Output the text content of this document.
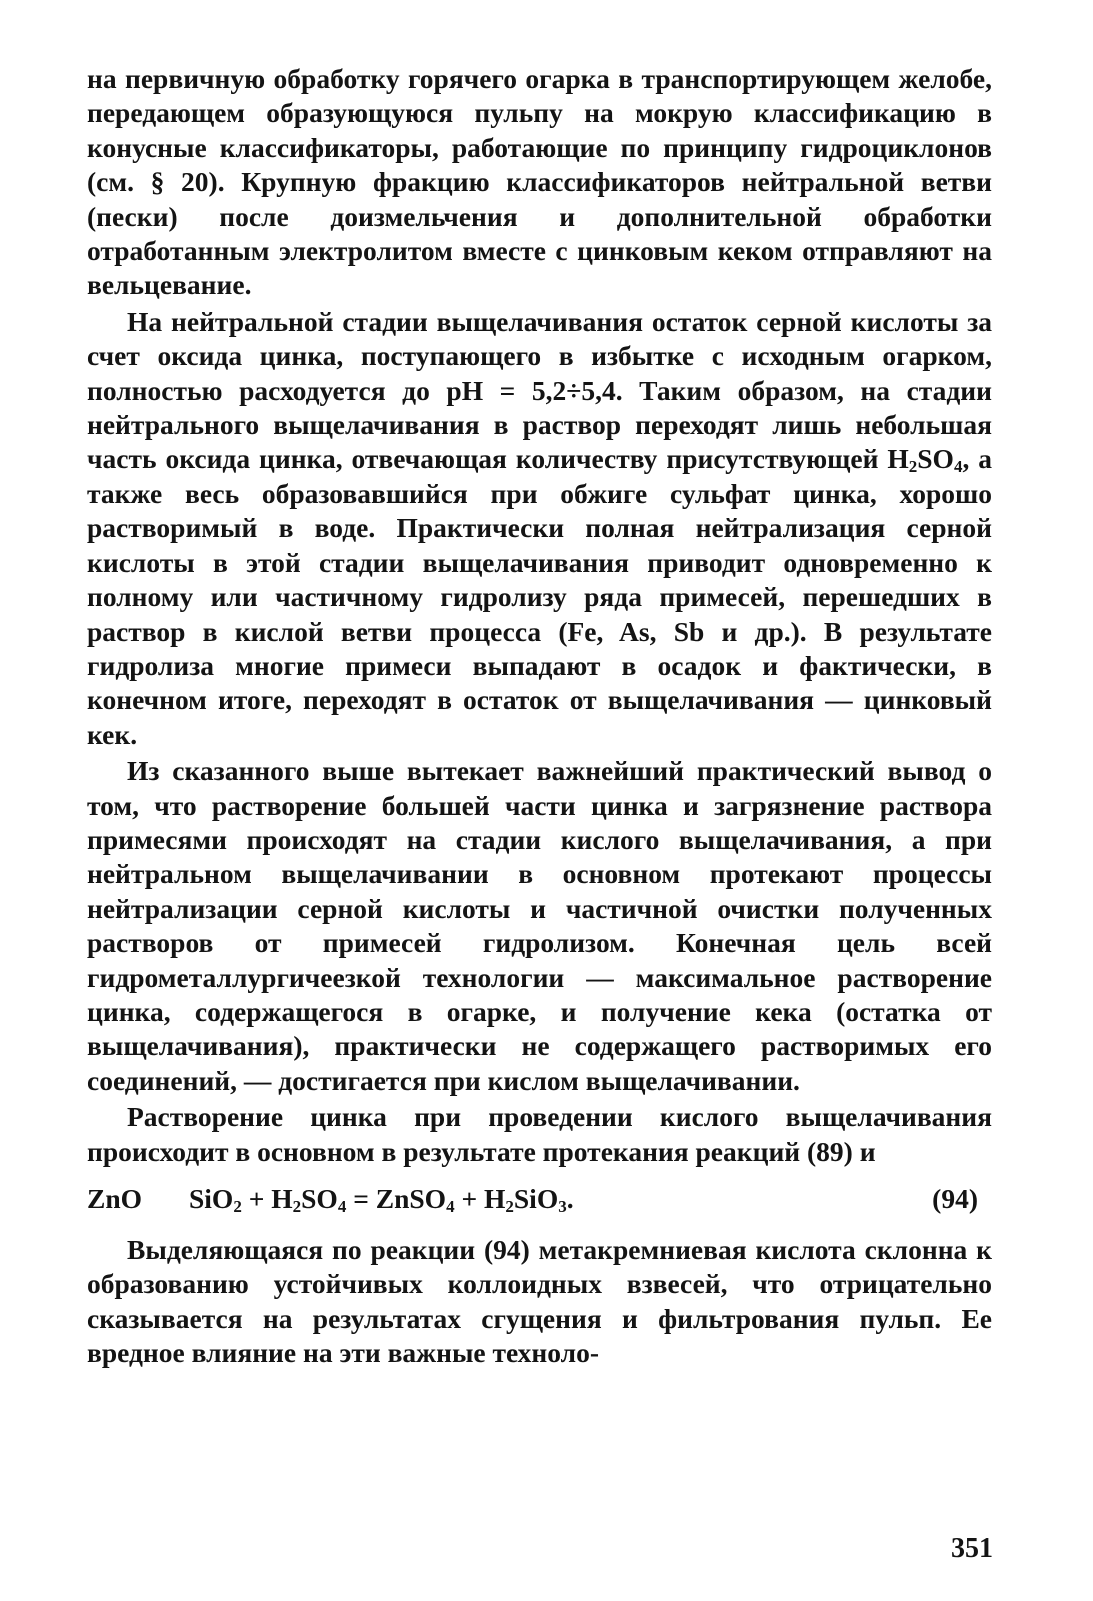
на первичную обработку горячего огарка в транспортирующем желобе, передающем образующуюся пульпу на мокрую классификацию в конусные классификаторы, работающие по принципу гидроциклонов (см. § 20). Крупную фракцию классификаторов нейтральной ветви (пески) после доизмельчения и дополнительной обработки отработанным электролитом вместе с цинковым кеком отправляют на вельцевание.

На нейтральной стадии выщелачивания остаток серной кислоты за счет оксида цинка, поступающего в избытке с исходным огарком, полностью расходуется до pH = 5,2÷5,4. Таким образом, на стадии нейтрального выщелачивания в раствор переходят лишь небольшая часть оксида цинка, отвечающая количеству присутствующей $H_2SO_4$, а также весь образовавшийся при обжиге сульфат цинка, хорошо растворимый в воде. Практически полная нейтрализация серной кислоты в этой стадии выщелачивания приводит одновременно к полному или частичному гидролизу ряда примесей, перешедших в раствор в кислой ветви процесса (Fe, As, Sb и др.). В результате гидролиза многие примеси выпадают в осадок и фактически, в конечном итоге, переходят в остаток от выщелачивания — цинковый кек.

Из сказанного выше вытекает важнейший практический вывод о том, что растворение большей части цинка и загрязнение раствора примесями происходят на стадии кислого выщелачивания, а при нейтральном выщелачивании в основном протекают процессы нейтрализации серной кислоты и частичной очистки полученных растворов от примесей гидролизом. Конечная цель всей гидрометаллургичеезкой технологии — максимальное растворение цинка, содержащегося в огарке, и получение кека (остатка от выщелачивания), практически не содержащего растворимых его соединений, — достигается при кислом выщелачивании.

Растворение цинка при проведении кислого выщелачивания происходит в основном в результате протекания реакций (89) и

ZnO $SiO_2 + H_2SO_4$ = ZnSO$_4$ + $H_2SiO_3$.	(94)

Выделяющаяся по реакции (94) метакремниевая кислота склонна к образованию устойчивых коллоидных взвесей, что отрицательно сказывается на результатах сгущения и фильтрования пульп. Ее вредное влияние на эти важные техноло-

351
